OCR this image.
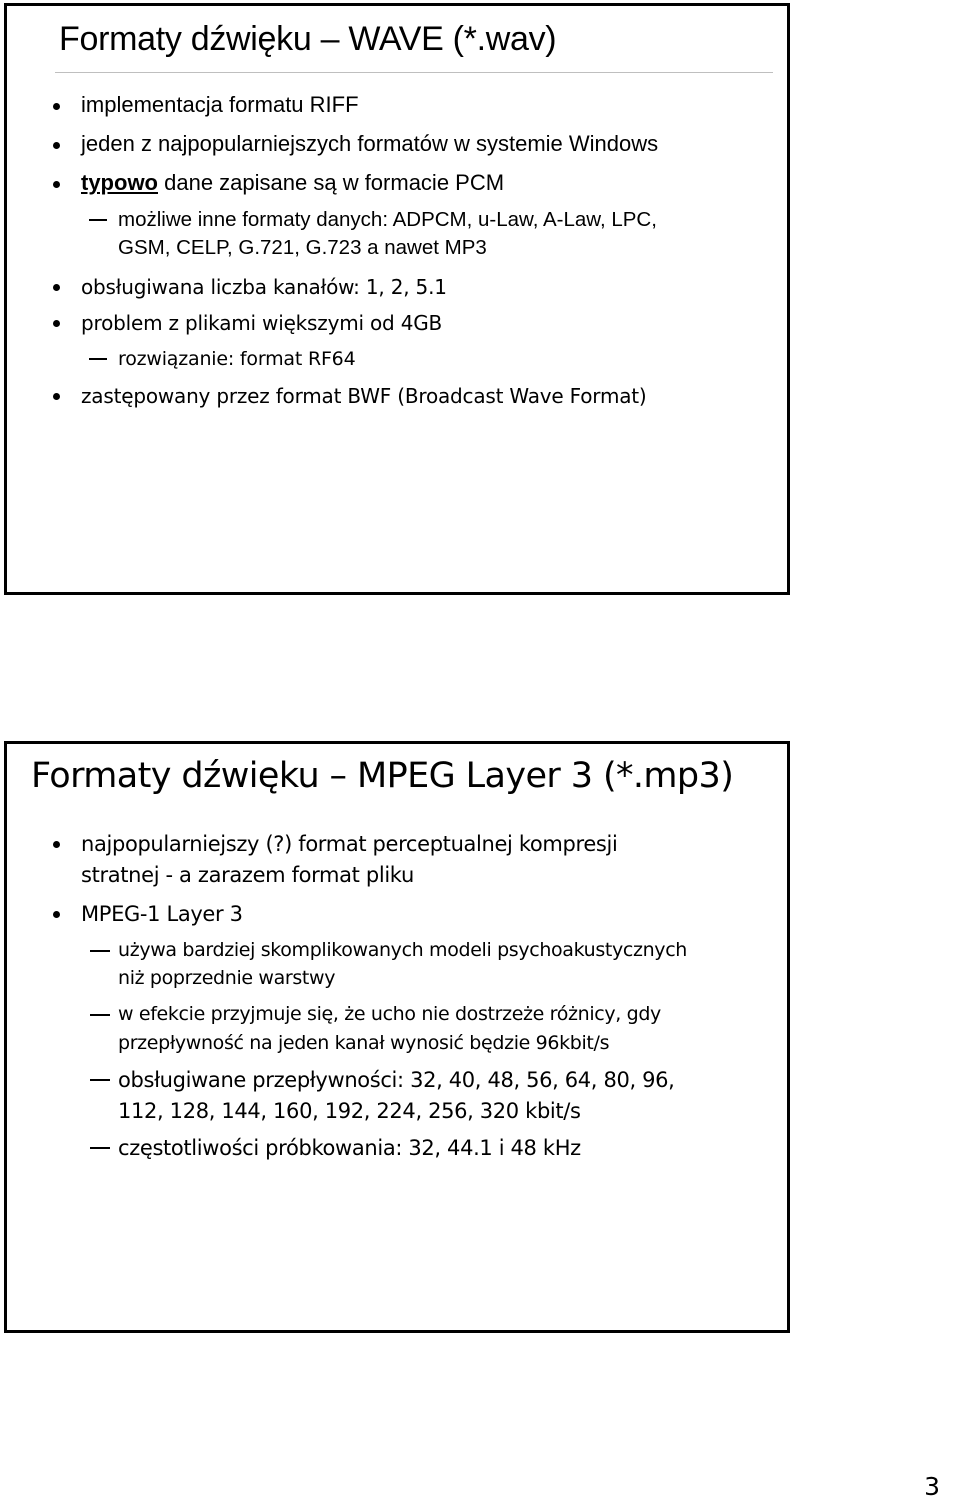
Formaty dźwięku – WAVE (*.wav)
implementacja formatu RIFF
jeden z najpopularniejszych formatów w systemie Windows
typowo dane zapisane są w formacie PCM
możliwe inne formaty danych: ADPCM, u-Law, A-Law, LPC,
GSM, CELP, G.721, G.723 a nawet MP3
obsługiwana liczba kanałów: 1, 2, 5.1
problem z plikami większymi od 4GB
rozwiązanie: format RF64
zastępowany przez format BWF (Broadcast Wave Format)
Formaty dźwięku – MPEG Layer 3 (*.mp3)
najpopularniejszy (?) format perceptualnej kompresji
stratnej - a zarazem format pliku
MPEG-1 Layer 3
używa bardziej skomplikowanych modeli psychoakustycznych
niż poprzednie warstwy
w efekcie przyjmuje się, że ucho nie dostrzeże różnicy, gdy
przepływność na jeden kanał wynosić będzie 96kbit/s
obsługiwane przepływności: 32, 40, 48, 56, 64, 80, 96,
112, 128, 144, 160, 192, 224, 256, 320 kbit/s
częstotliwości próbkowania: 32, 44.1 i 48 kHz
3
